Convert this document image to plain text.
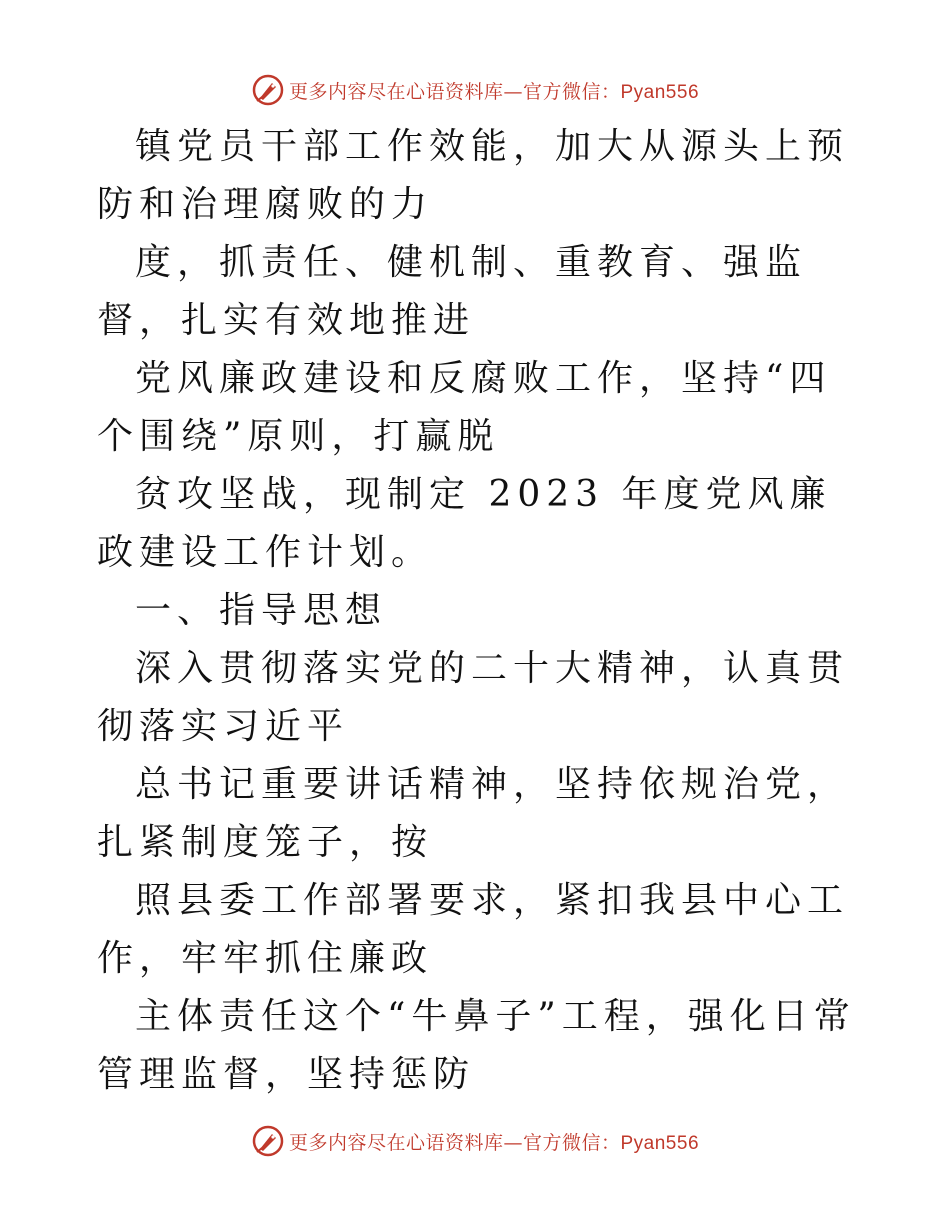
更多内容尽在心语资料库—官方微信：Pyan556

镇党员干部工作效能，加大从源头上预防和治理腐败的力

度，抓责任、健机制、重教育、强监督，扎实有效地推进

党风廉政建设和反腐败工作，坚持“四个围绕”原则，打赢脱

贫攻坚战，现制定 2023 年度党风廉政建设工作计划。

一、指导思想

深入贯彻落实党的二十大精神，认真贯彻落实习近平

总书记重要讲话精神，坚持依规治党，扎紧制度笼子，按

照县委工作部署要求，紧扣我县中心工作，牢牢抓住廉政

主体责任这个“牛鼻子”工程，强化日常管理监督，坚持惩防

更多内容尽在心语资料库—官方微信：Pyan556
